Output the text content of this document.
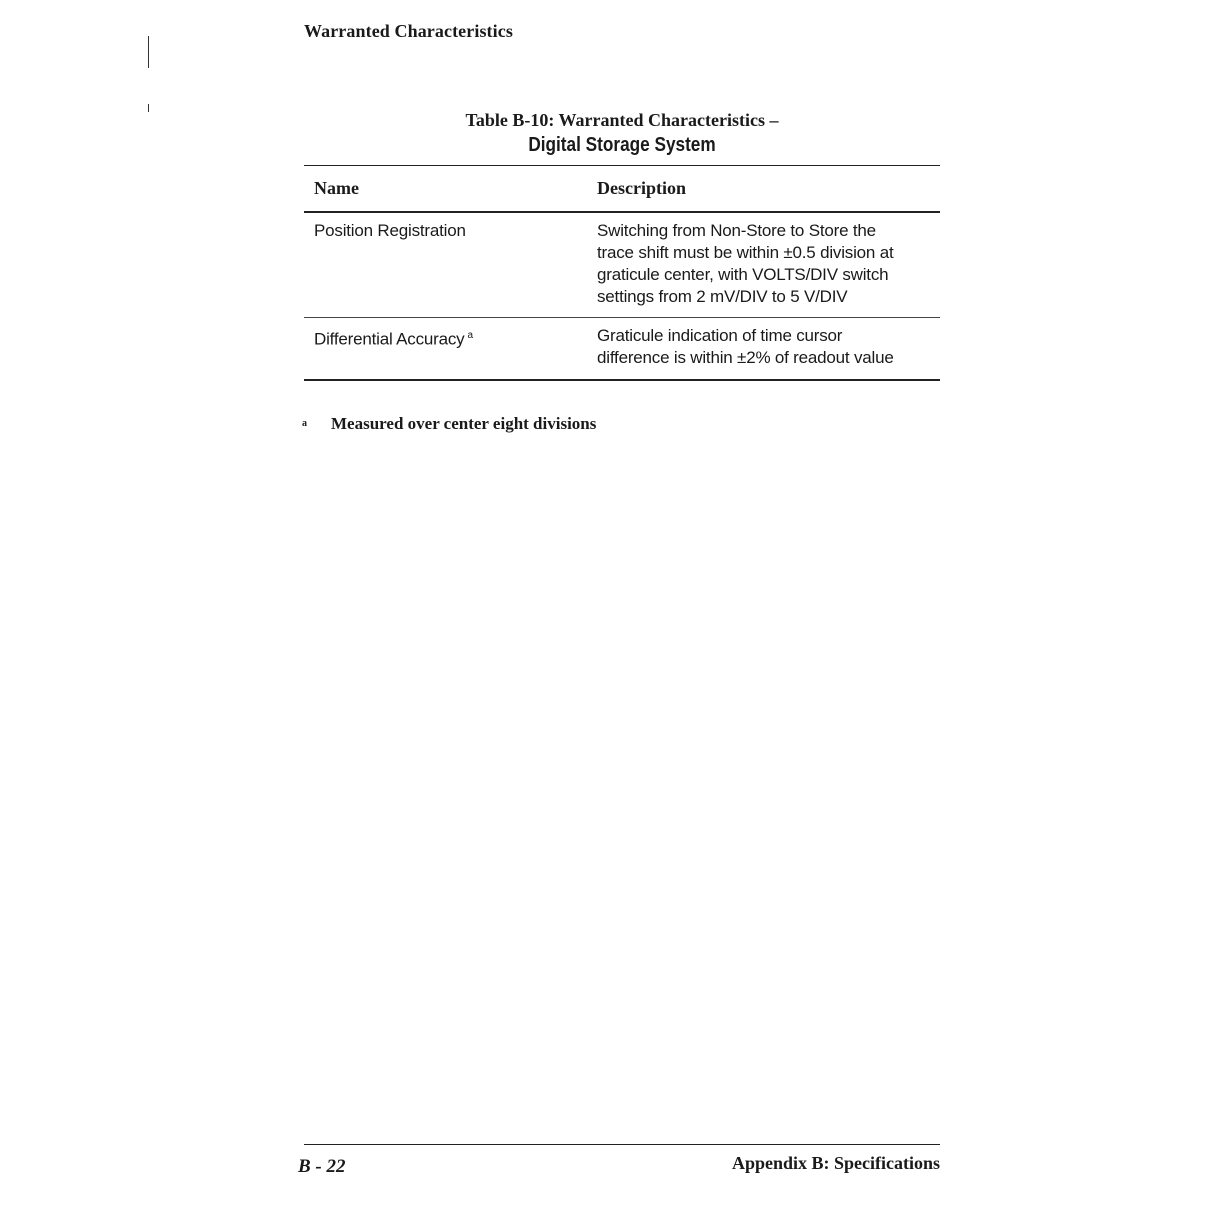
Warranted Characteristics
Table B-10: Warranted Characteristics –
Digital Storage System
Name	Description
Position Registration	Switching from Non-Store to Store the trace shift must be within ±0.5 division at graticule center, with VOLTS/DIV switch settings from 2 mV/DIV to 5 V/DIV
Differential Accuracy $^a$	Graticule indication of time cursor difference is within ±2% of readout value
a Measured over center eight divisions
B - 22	Appendix B: Specifications
